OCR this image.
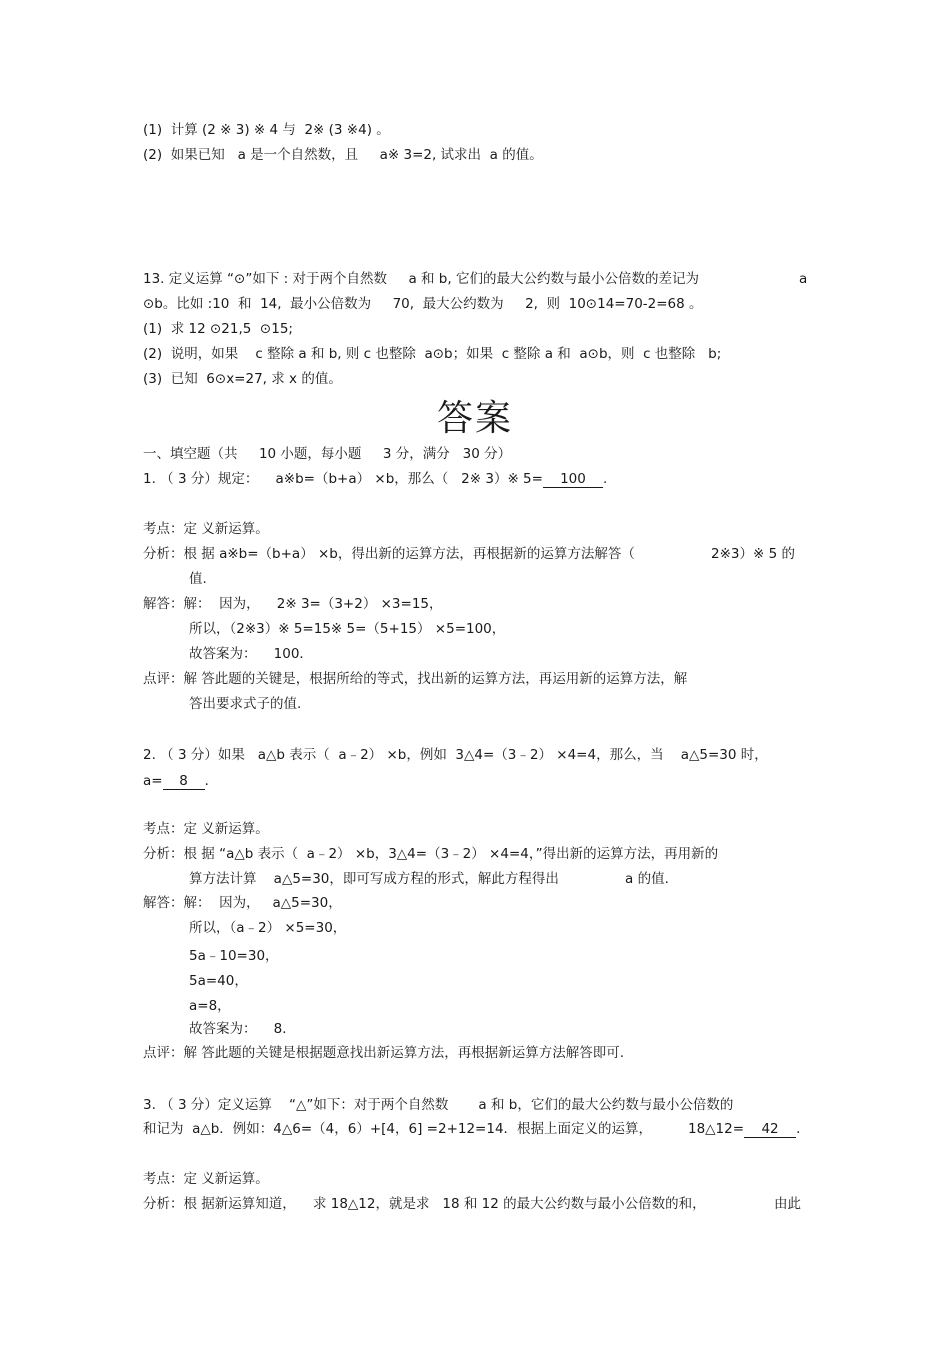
(1)  计算 (2 ※ 3) ※ 4 与  2※ (3 ※4) 。
(2)  如果已知   a 是一个自然数，且     a※ 3=2, 试求出  a 的值。
13. 定义运算 “⊙”如下 : 对于两个自然数     a 和 b, 它们的最大公约数与最小公倍数的差记为	a
⊙b。比如 :10  和  14,  最小公倍数为     70,  最大公约数为     2,  则  10⊙14=70-2=68 。
(1)  求 12 ⊙21,5  ⊙15;
(2)  说明，如果    c 整除 a 和 b, 则 c 也整除  a⊙b；如果  c 整除 a 和  a⊙b，则  c 也整除   b;
(3)  已知  6⊙x=27, 求 x 的值。
答案
一、填空题（共     10 小题，每小题     3 分，满分   30 分）
1. （ 3 分）规定：    a※b=（b+a） ×b，那么（   2※ 3）※ 5= 100 .
考点：定 义新运算。
分析：根 据 a※b=（b+a） ×b，得出新的运算方法，再根据新的运算方法解答（	2※3）※ 5 的
值.
解答：解：  因为，    2※ 3=（3+2） ×3=15，
所以，（2※3）※ 5=15※ 5=（5+15） ×5=100，
故答案为：    100．
点评：解 答此题的关键是，根据所给的等式，找出新的运算方法，再运用新的运算方法，解
答出要求式子的值.
2. （ 3 分）如果   a△b 表示（  a﹣2） ×b，例如  3△4=（3﹣2） ×4=4，那么，当    a△5=30 时，
a= 8 ．
考点：定 义新运算。
分析：根 据 “a△b 表示（  a﹣2） ×b，3△4=（3﹣2） ×4=4，”得出新的运算方法，再用新的
算方法计算    a△5=30，即可写成方程的形式，解此方程得出	a 的值.
解答：解：  因为，   a△5=30，
所以，（a﹣2） ×5=30，
5a﹣10=30，
5a=40，
a=8，
故答案为：    8．
点评：解 答此题的关键是根据题意找出新运算方法，再根据新运算方法解答即可.
3. （ 3 分）定义运算    “△”如下：对于两个自然数       a 和 b，它们的最大公约数与最小公倍数的
和记为  a△b．例如：4△6=（4，6）+[4，6] =2+12=14．根据上面定义的运算，	18△12= 42 .
考点：定 义新运算。
分析：根 据新运算知道，    求 18△12，就是求   18 和 12 的最大公约数与最小公倍数的和，	由此
